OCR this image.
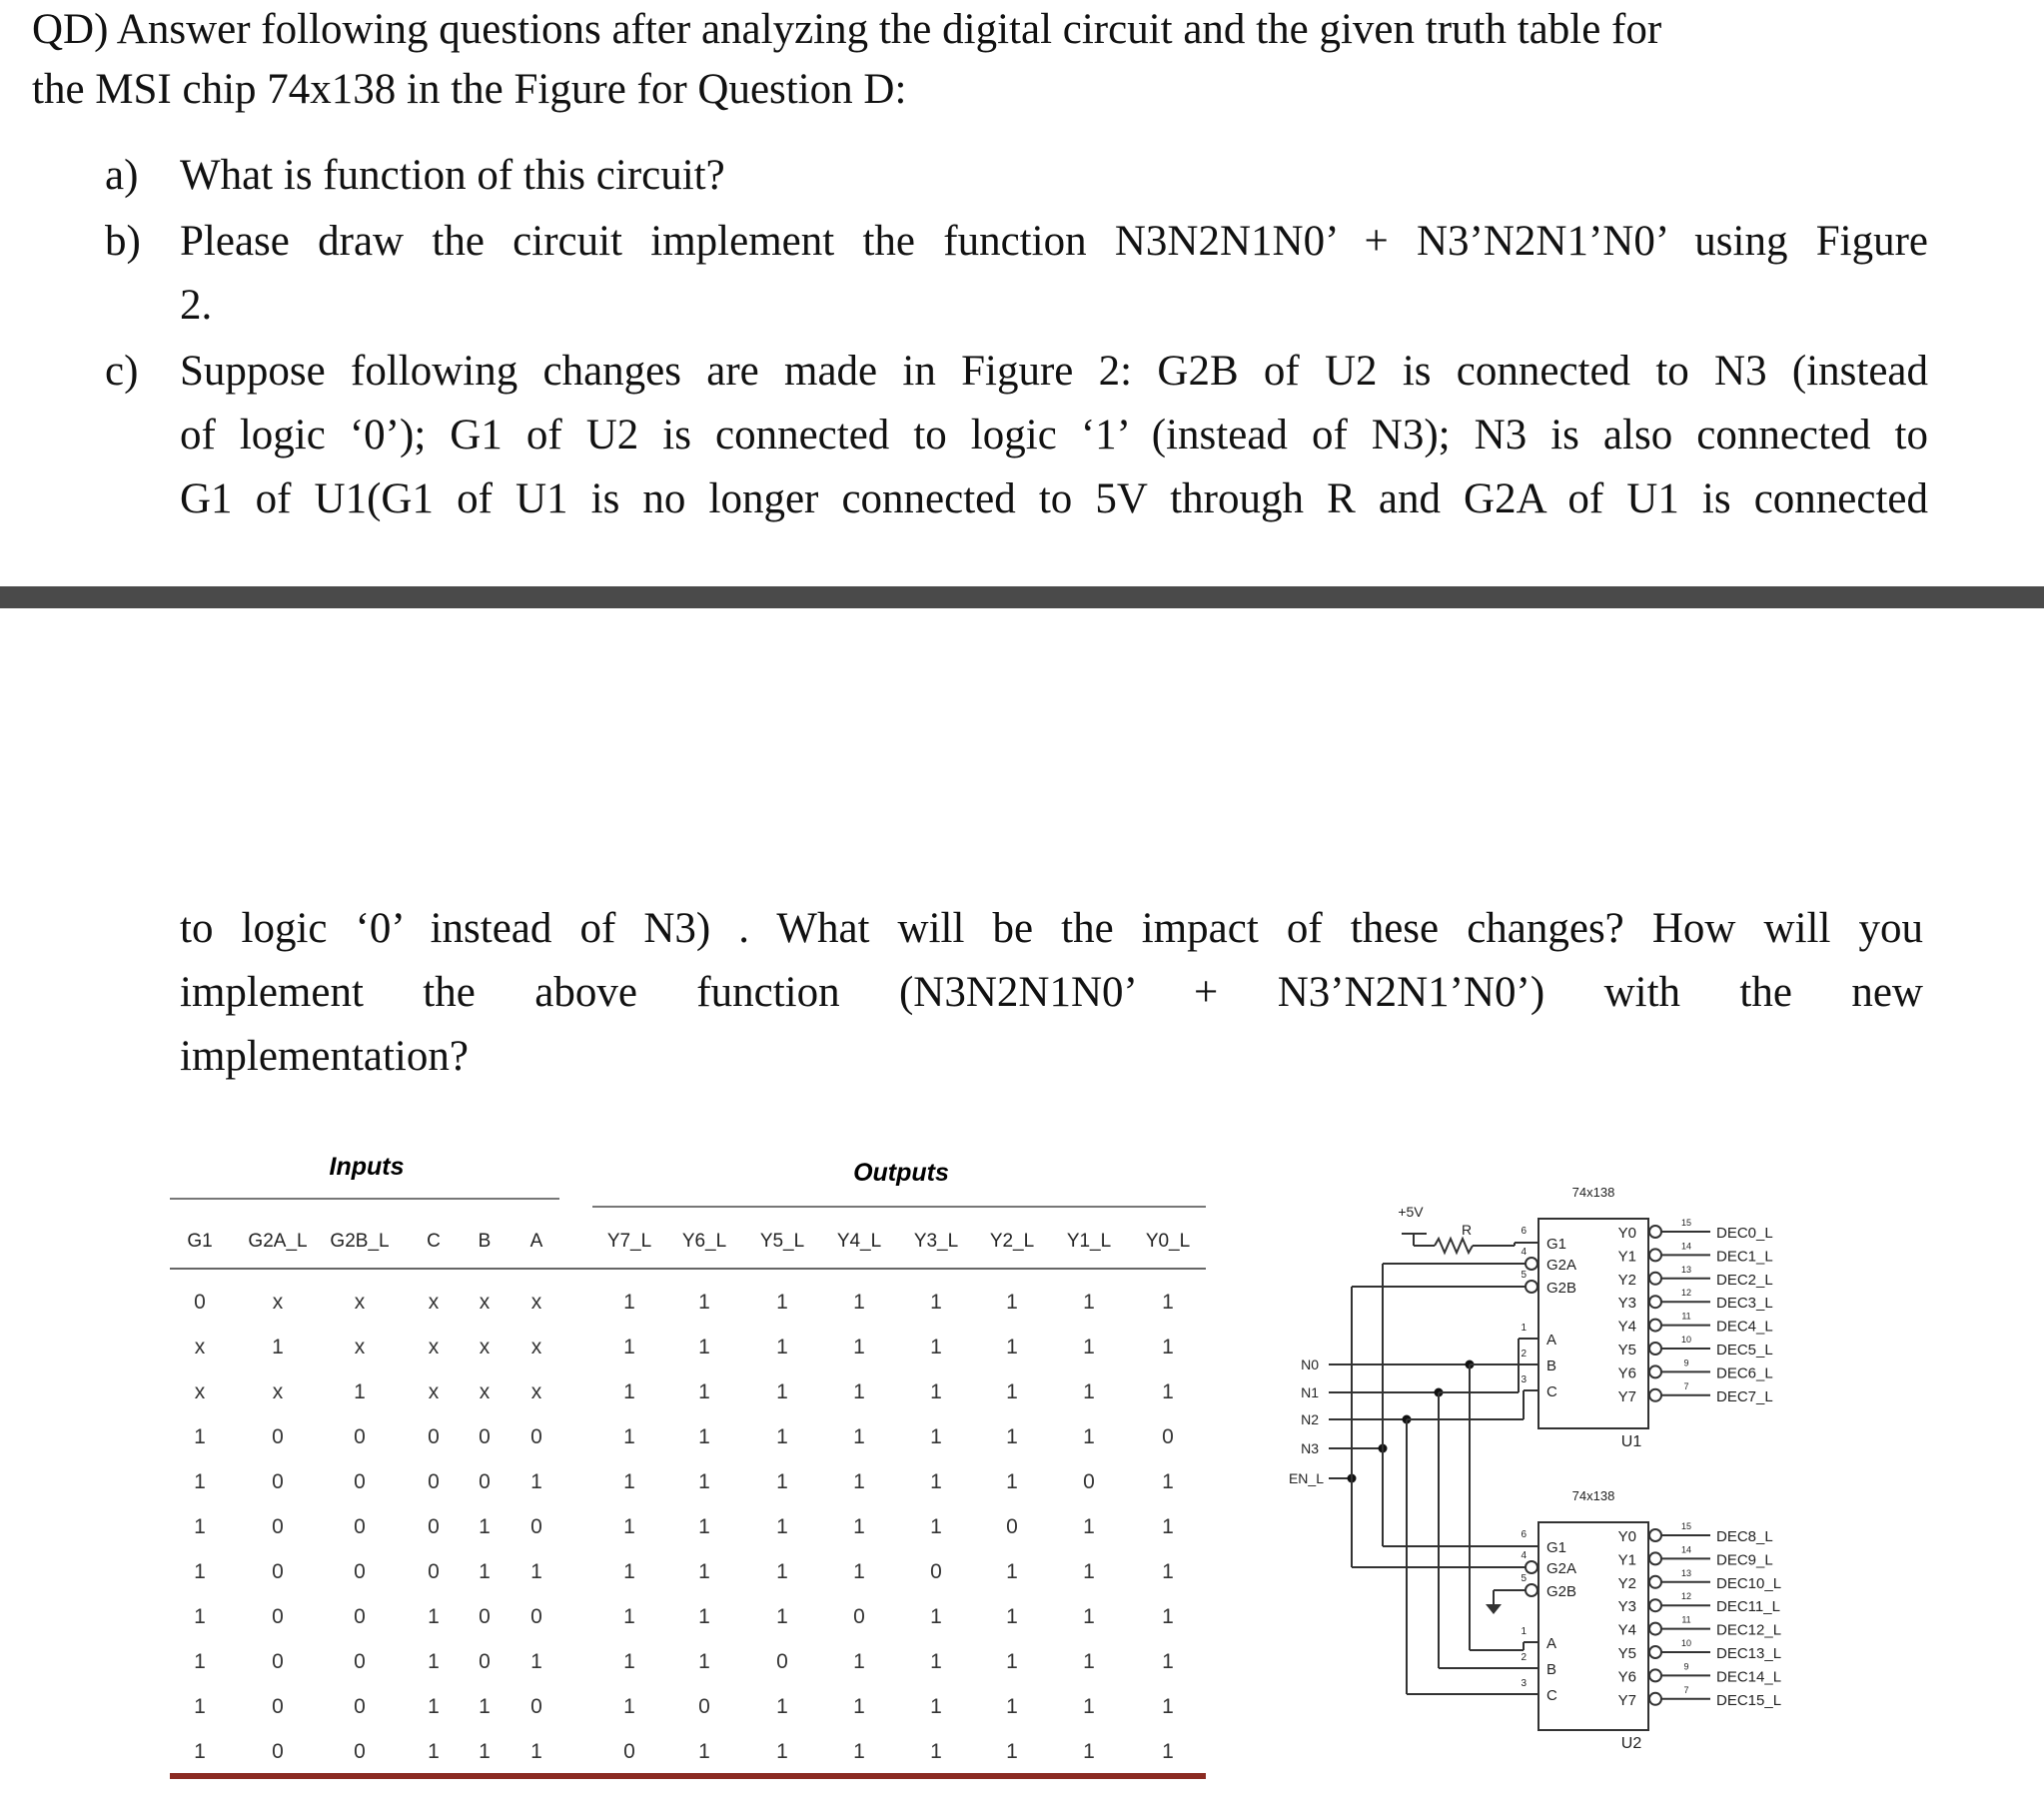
QD) Answer following questions after analyzing the digital circuit and the given truth table for
the MSI chip 74x138 in the Figure for Question D:
a) What is function of this circuit?
b) Please draw the circuit implement the function N3N2N1N0’ + N3’N2N1’N0’ using Figure
2.
c) Suppose following changes are made in Figure 2: G2B of U2 is connected to N3 (instead
of logic ‘0’); G1 of U2 is connected to logic ‘1’ (instead of N3); N3 is also connected to
G1 of U1(G1 of U1 is no longer connected to 5V through R and G2A of U1 is connected
to logic ‘0’ instead of N3) . What will be the impact of these changes? How will you
implement the above function (N3N2N1N0’ + N3’N2N1’N0’) with the new
implementation?
Inputs	Outputs
G1 G2A_L G2B_L C B A	Y7_L Y6_L Y5_L Y4_L Y3_L Y2_L Y1_L Y0_L
0	x	x	x x x	1	1	1	1	1	1	1	1
x	1	x	x x x	1	1	1	1	1	1	1	1
x	x	1	x x x	1	1	1	1	1	1	1	1
1	0	0	0 0 0	1	1	1	1	1	1	1	0
1	0	0	0 0 1	1	1	1	1	1	1	0	1
1	0	0	0 1 0	1	1	1	1	1	0	1	1
1	0	0	0 1 1	1	1	1	1	0	1	1	1
1	0	0	1 0 0	1	1	1	0	1	1	1	1
1	0	0	1 0 1	1	1	0	1	1	1	1	1
1	0	0	1 1 0	1	0	1	1	1	1	1	1
1	0	0	1 1 1	0	1	1	1	1	1	1	1
74x138
U1
G1
6
G2A
4
G2B
5
A
1
B
2
C
3
Y0
15
DEC0_L
Y1
14
DEC1_L
Y2
13
DEC2_L
Y3
12
DEC3_L
Y4
11
DEC4_L
Y5
10
DEC5_L
Y6
9
DEC6_L
Y7
7
DEC7_L
74x138
U2
G1
6
G2A
4
G2B
5
A
1
B
2
C
3
Y0
15
DEC8_L
Y1
14
DEC9_L
Y2
13
DEC10_L
Y3
12
DEC11_L
Y4
11
DEC12_L
Y5
10
DEC13_L
Y6
9
DEC14_L
Y7
7
DEC15_L
+5V
R
N0
N1
N2
N3
EN_L
